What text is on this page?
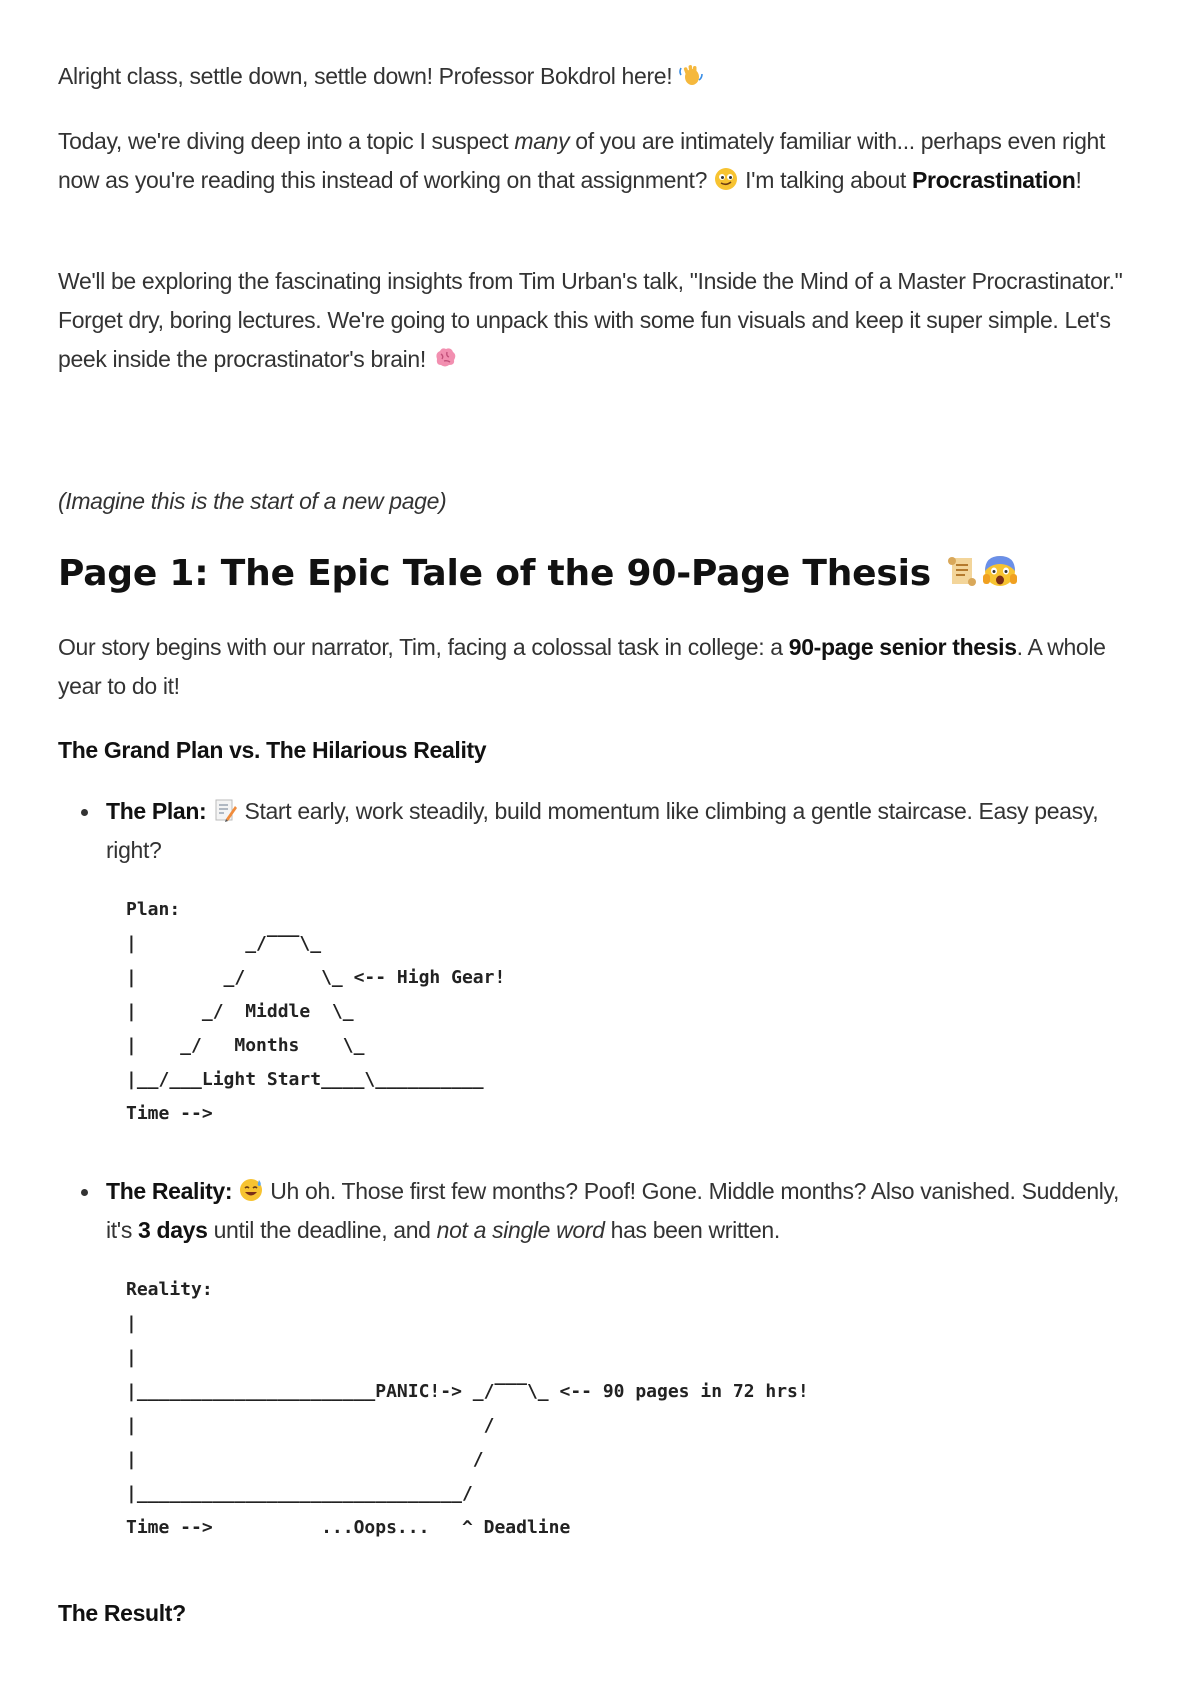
Alright class, settle down, settle down! Professor Bokdrol here!

Today, we're diving deep into a topic I suspect many of you are intimately familiar with... perhaps even right now as you're reading this instead of working on that assignment?  I'm talking about Procrastination!

We'll be exploring the fascinating insights from Tim Urban's talk, "Inside the Mind of a Master Procrastinator." Forget dry, boring lectures. We're going to unpack this with some fun visuals and keep it super simple. Let's peek inside the procrastinator's brain!

(Imagine this is the start of a new page)

Page 1: The Epic Tale of the 90-Page Thesis

Our story begins with our narrator, Tim, facing a colossal task in college: a 90-page senior thesis. A whole year to do it!

The Grand Plan vs. The Hilarious Reality

The Plan:  Start early, work steadily, build momentum like climbing a gentle staircase. Easy peasy, right?

Plan:
|          _/‾‾‾\_
|        _/       \_ <-- High Gear!
|      _/  Middle  \_
|    _/   Months    \_
|__/___Light Start____\__________
Time -->

The Reality:  Uh oh. Those first few months? Poof! Gone. Middle months? Also vanished. Suddenly, it's 3 days until the deadline, and not a single word has been written.

Reality:
|
|
|______________________PANIC!-> _/‾‾‾\_ <-- 90 pages in 72 hrs!
|                                /
|                               /
|______________________________/
Time -->          ...Oops...   ^ Deadline

The Result?
